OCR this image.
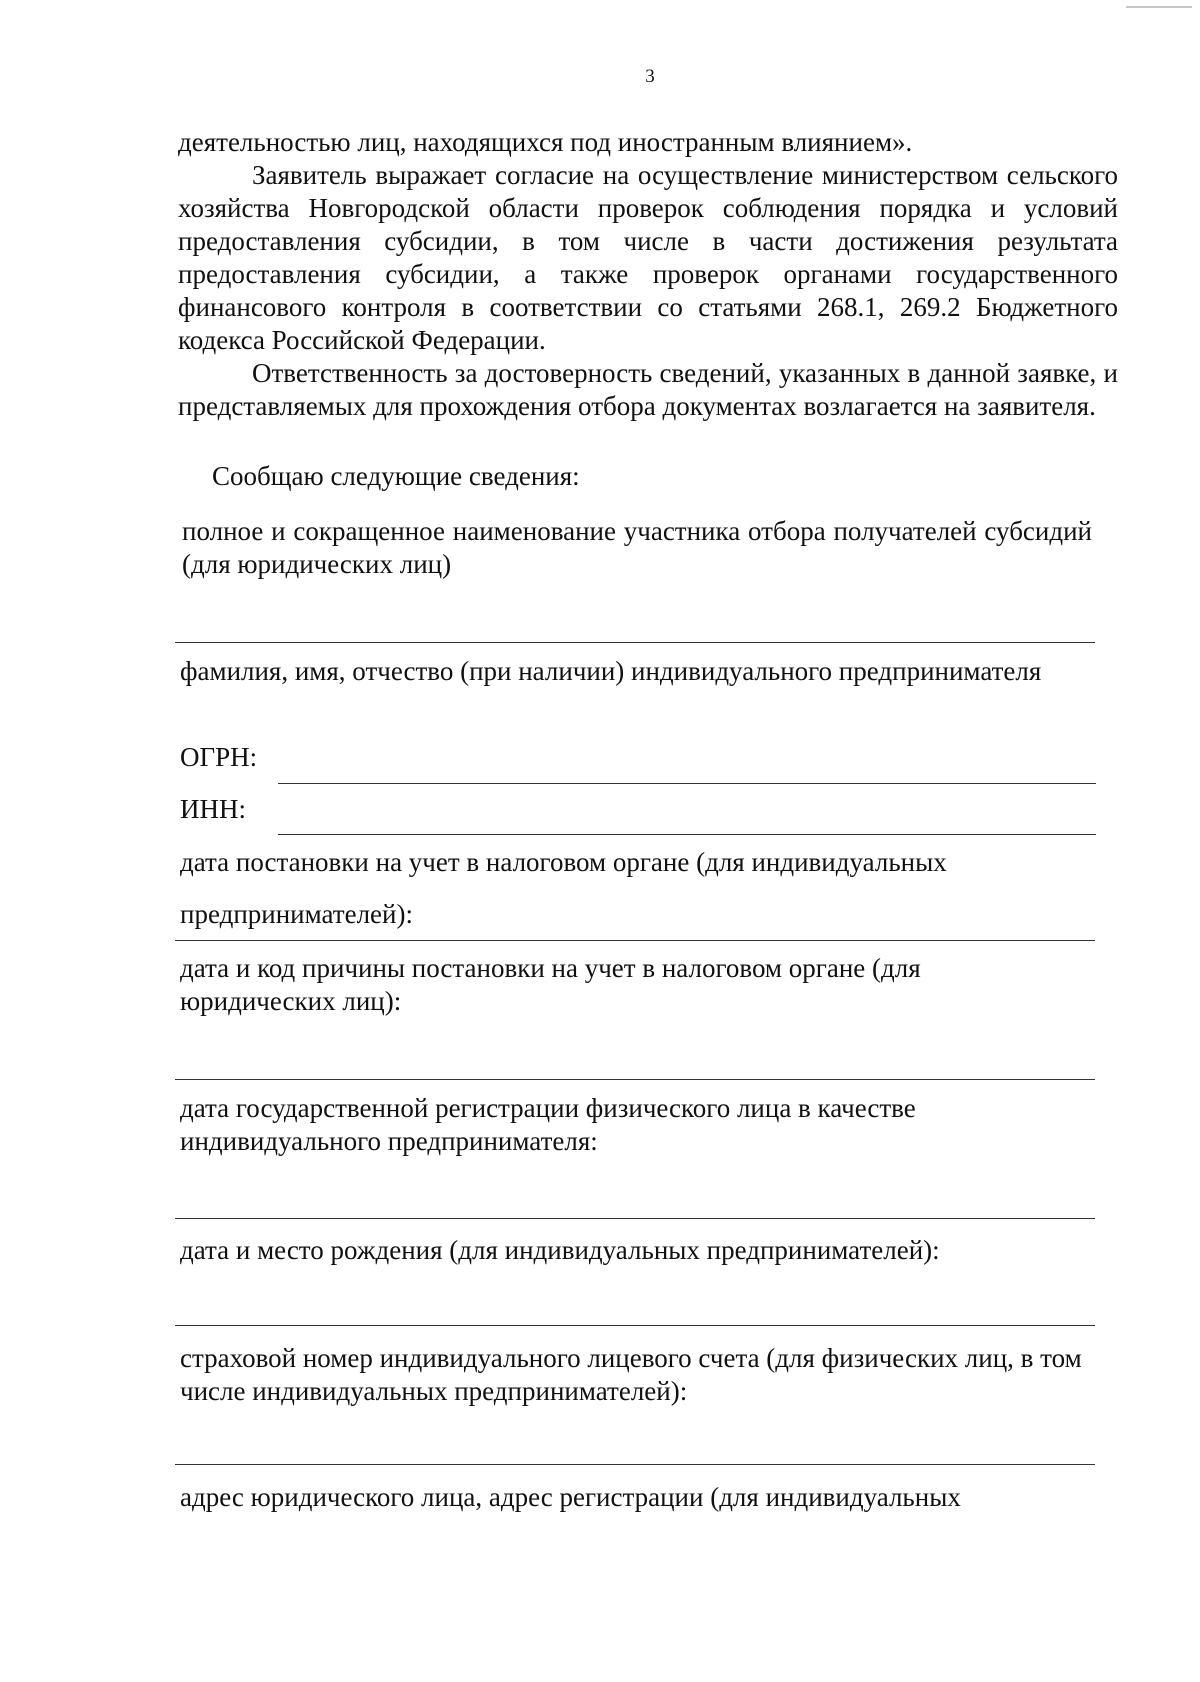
3

деятельностью лиц, находящихся под иностранным влиянием».

Заявитель выражает согласие на осуществление министерством сельского хозяйства Новгородской области проверок соблюдения порядка и условий предоставления субсидии, в том числе в части достижения результата предоставления субсидии, а также проверок органами государственного финансового контроля в соответствии со статьями 268.1, 269.2 Бюджетного кодекса Российской Федерации.

Ответственность за достоверность сведений, указанных в данной заявке, и представляемых для прохождения отбора документах возлагается на заявителя.

Сообщаю следующие сведения:
полное и сокращенное наименование участника отбора получателей субсидий (для юридических лиц)
фамилия, имя, отчество (при наличии) индивидуального предпринимателя
ОГРН:
ИНН:
дата постановки на учет в налоговом органе (для индивидуальных
предпринимателей):
дата и код причины постановки на учет в налоговом органе (для юридических лиц):
дата государственной регистрации физического лица в качестве индивидуального предпринимателя:
дата и место рождения (для индивидуальных предпринимателей):
страховой номер индивидуального лицевого счета (для физических лиц, в том числе индивидуальных предпринимателей):
адрес юридического лица, адрес регистрации (для индивидуальных
